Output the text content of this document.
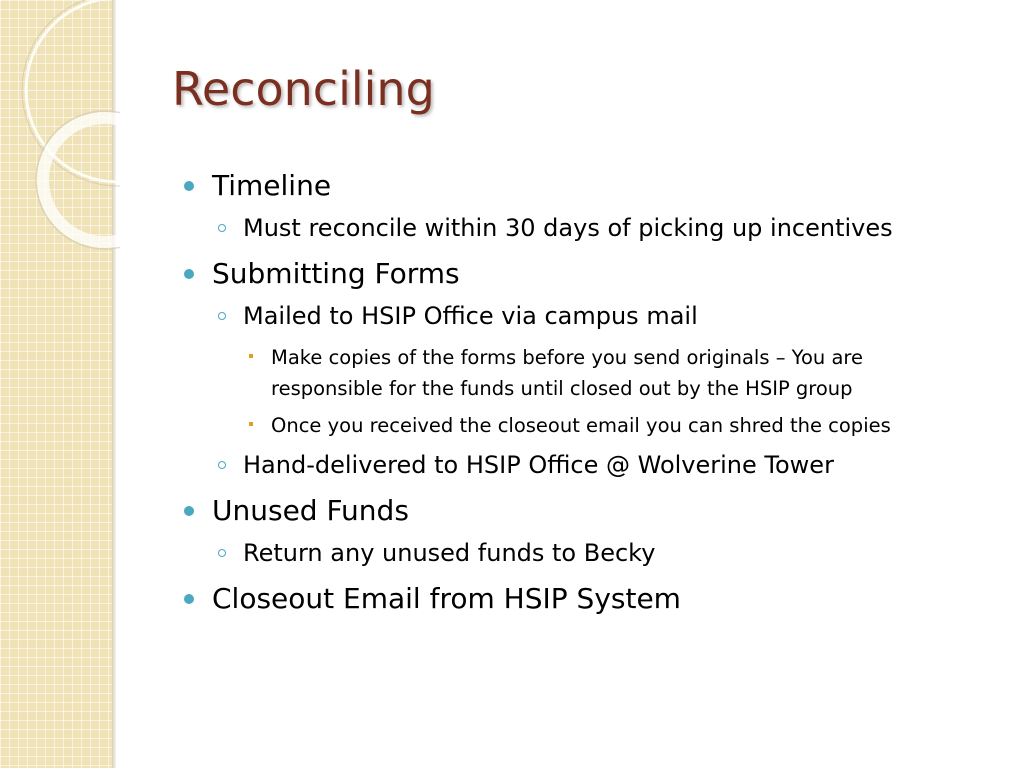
Reconciling

Timeline

Must reconcile within 30 days of picking up incentives

Submitting Forms

Mailed to HSIP Office via campus mail

Make copies of the forms before you send originals – You are responsible for the funds until closed out by the HSIP group

Once you received the closeout email you can shred the copies

Hand-delivered to HSIP Office @ Wolverine Tower

Unused Funds

Return any unused funds to Becky

Closeout Email from HSIP System
